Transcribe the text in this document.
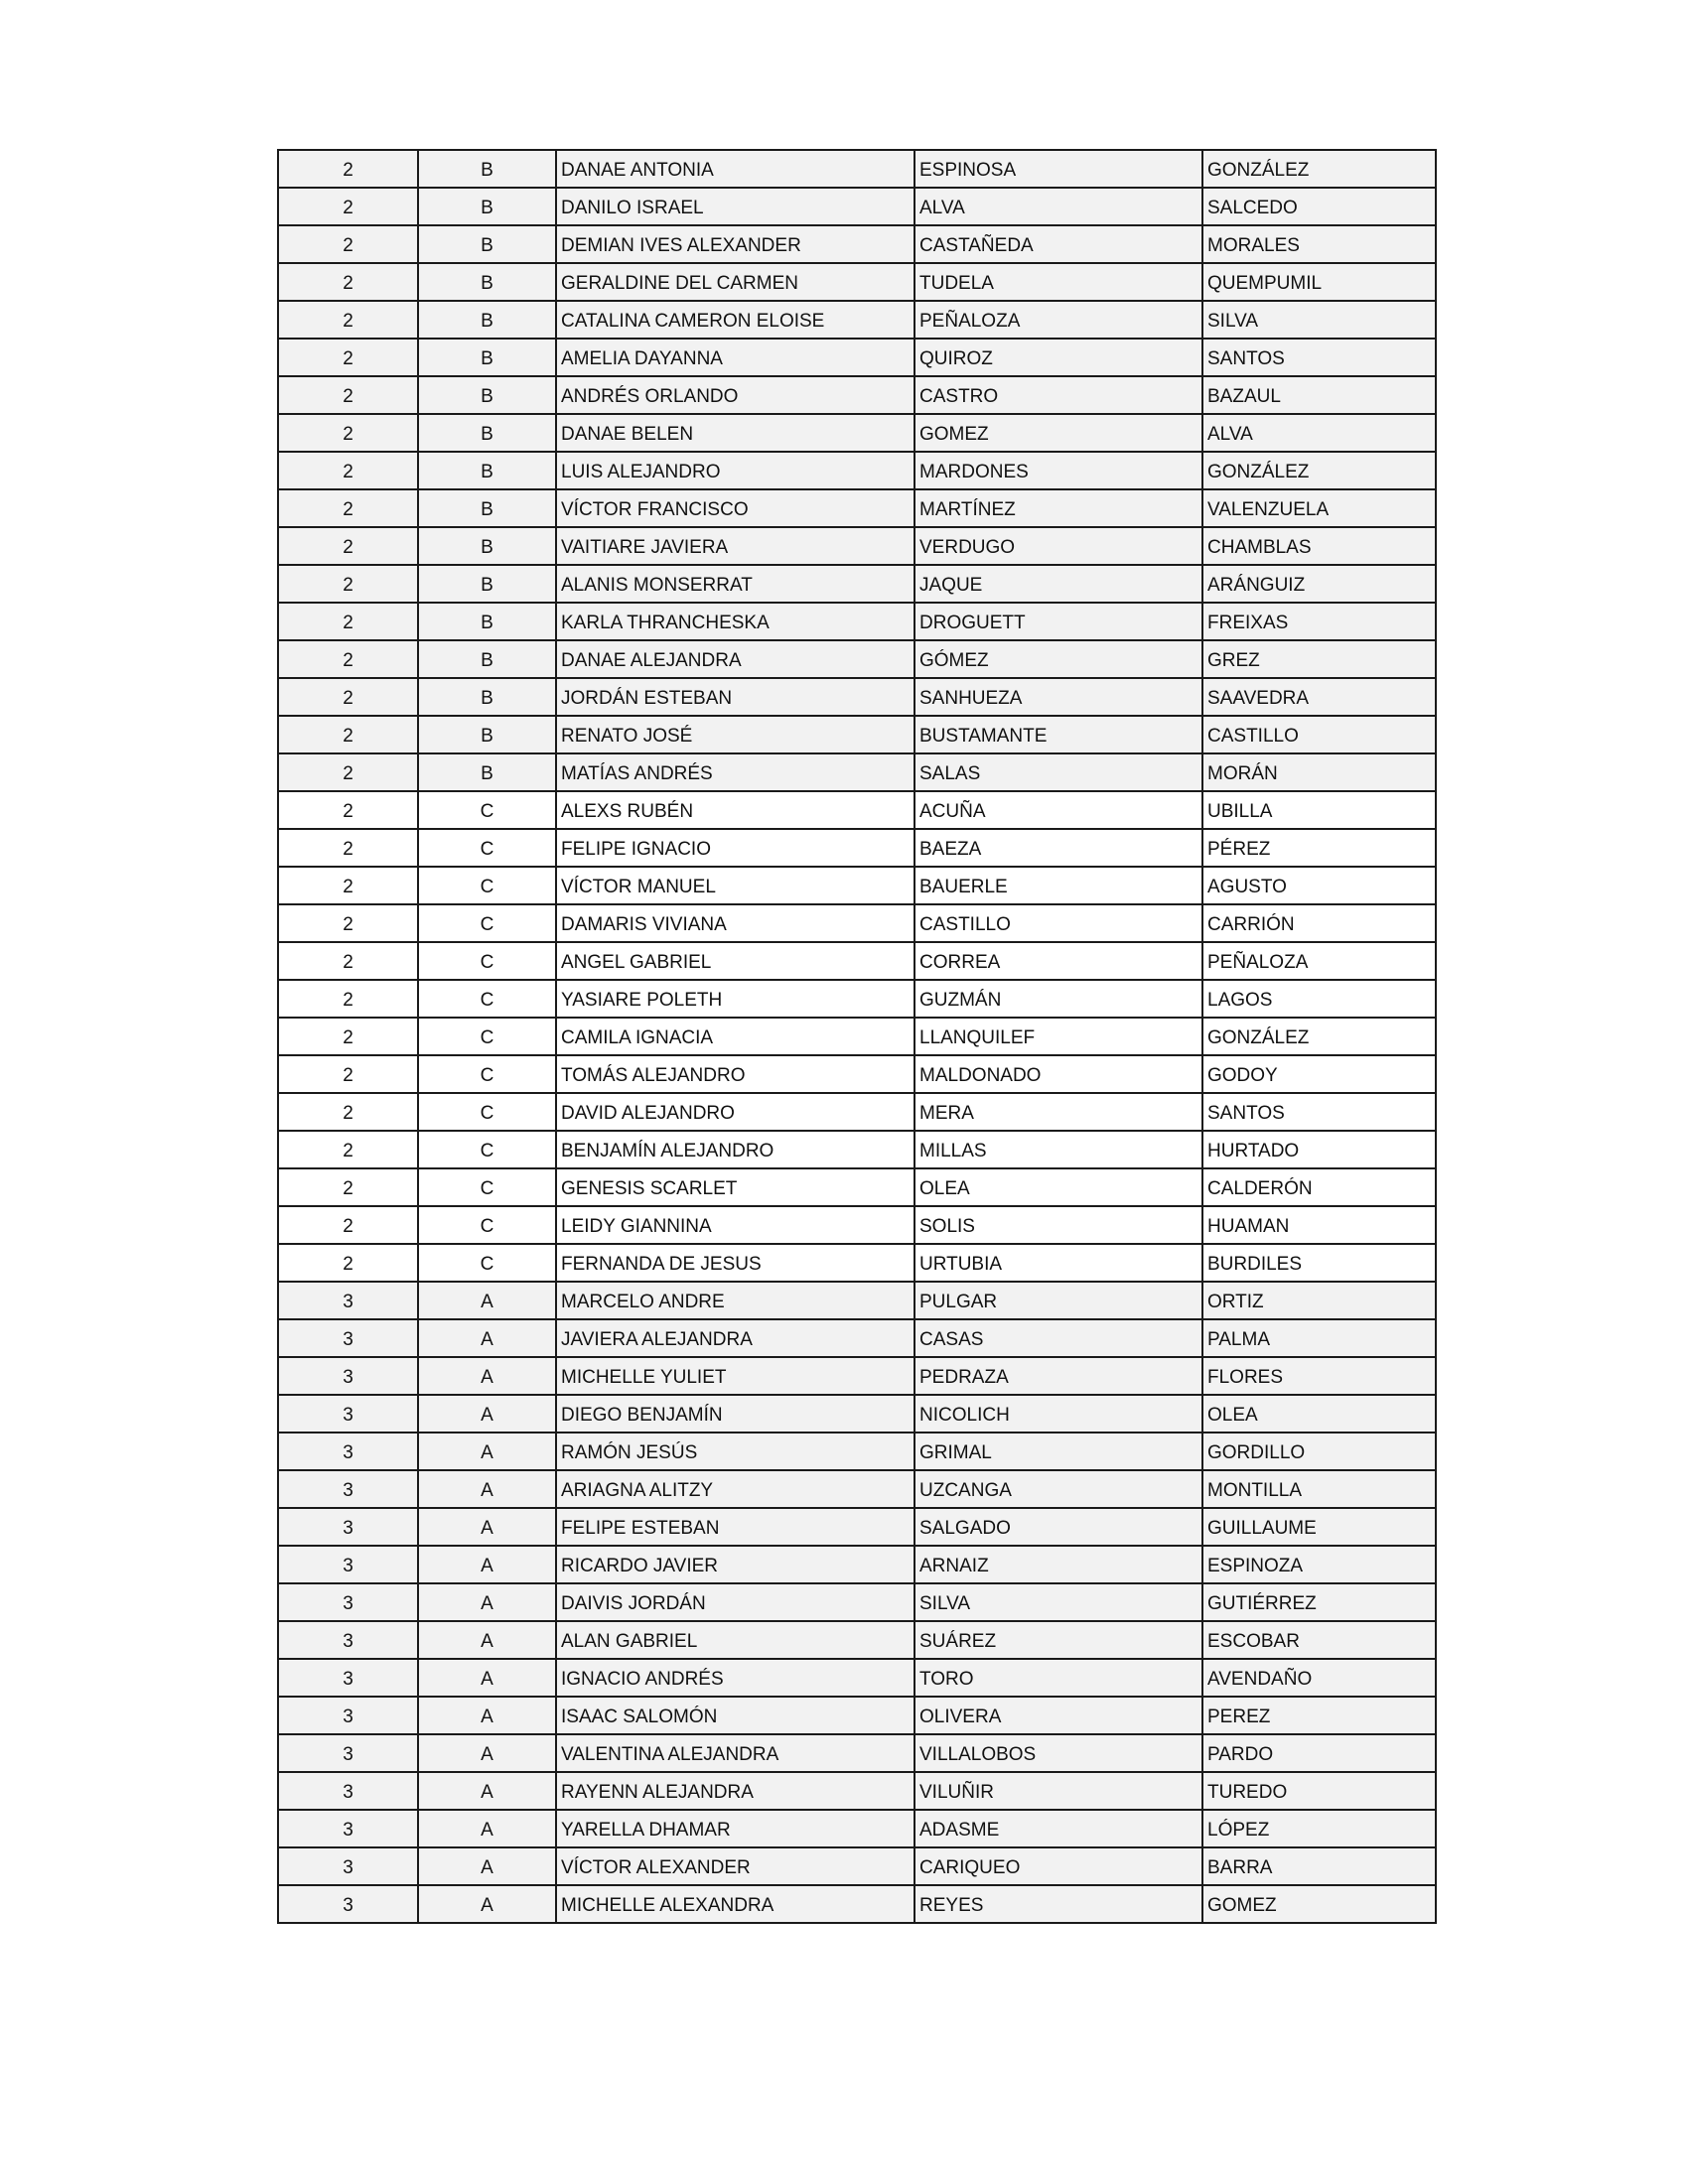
2	B	DANAE ANTONIA	ESPINOSA	GONZÁLEZ
2	B	DANILO ISRAEL	ALVA	SALCEDO
2	B	DEMIAN IVES ALEXANDER	CASTAÑEDA	MORALES
2	B	GERALDINE DEL CARMEN	TUDELA	QUEMPUMIL
2	B	CATALINA CAMERON ELOISE	PEÑALOZA	SILVA
2	B	AMELIA DAYANNA	QUIROZ	SANTOS
2	B	ANDRÉS ORLANDO	CASTRO	BAZAUL
2	B	DANAE BELEN	GOMEZ	ALVA
2	B	LUIS ALEJANDRO	MARDONES	GONZÁLEZ
2	B	VÍCTOR FRANCISCO	MARTÍNEZ	VALENZUELA
2	B	VAITIARE JAVIERA	VERDUGO	CHAMBLAS
2	B	ALANIS MONSERRAT	JAQUE	ARÁNGUIZ
2	B	KARLA THRANCHESKA	DROGUETT	FREIXAS
2	B	DANAE ALEJANDRA	GÓMEZ	GREZ
2	B	JORDÁN ESTEBAN	SANHUEZA	SAAVEDRA
2	B	RENATO JOSÉ	BUSTAMANTE	CASTILLO
2	B	MATÍAS ANDRÉS	SALAS	MORÁN
2	C	ALEXS RUBÉN	ACUÑA	UBILLA
2	C	FELIPE IGNACIO	BAEZA	PÉREZ
2	C	VÍCTOR MANUEL	BAUERLE	AGUSTO
2	C	DAMARIS VIVIANA	CASTILLO	CARRIÓN
2	C	ANGEL GABRIEL	CORREA	PEÑALOZA
2	C	YASIARE POLETH	GUZMÁN	LAGOS
2	C	CAMILA IGNACIA	LLANQUILEF	GONZÁLEZ
2	C	TOMÁS ALEJANDRO	MALDONADO	GODOY
2	C	DAVID ALEJANDRO	MERA	SANTOS
2	C	BENJAMÍN ALEJANDRO	MILLAS	HURTADO
2	C	GENESIS SCARLET	OLEA	CALDERÓN
2	C	LEIDY GIANNINA	SOLIS	HUAMAN
2	C	FERNANDA DE JESUS	URTUBIA	BURDILES
3	A	MARCELO ANDRE	PULGAR	ORTIZ
3	A	JAVIERA ALEJANDRA	CASAS	PALMA
3	A	MICHELLE YULIET	PEDRAZA	FLORES
3	A	DIEGO BENJAMÍN	NICOLICH	OLEA
3	A	RAMÓN JESÚS	GRIMAL	GORDILLO
3	A	ARIAGNA ALITZY	UZCANGA	MONTILLA
3	A	FELIPE ESTEBAN	SALGADO	GUILLAUME
3	A	RICARDO JAVIER	ARNAIZ	ESPINOZA
3	A	DAIVIS JORDÁN	SILVA	GUTIÉRREZ
3	A	ALAN GABRIEL	SUÁREZ	ESCOBAR
3	A	IGNACIO ANDRÉS	TORO	AVENDAÑO
3	A	ISAAC SALOMÓN	OLIVERA	PEREZ
3	A	VALENTINA ALEJANDRA	VILLALOBOS	PARDO
3	A	RAYENN ALEJANDRA	VILUÑIR	TUREDO
3	A	YARELLA DHAMAR	ADASME	LÓPEZ
3	A	VÍCTOR ALEXANDER	CARIQUEO	BARRA
3	A	MICHELLE ALEXANDRA	REYES	GOMEZ
